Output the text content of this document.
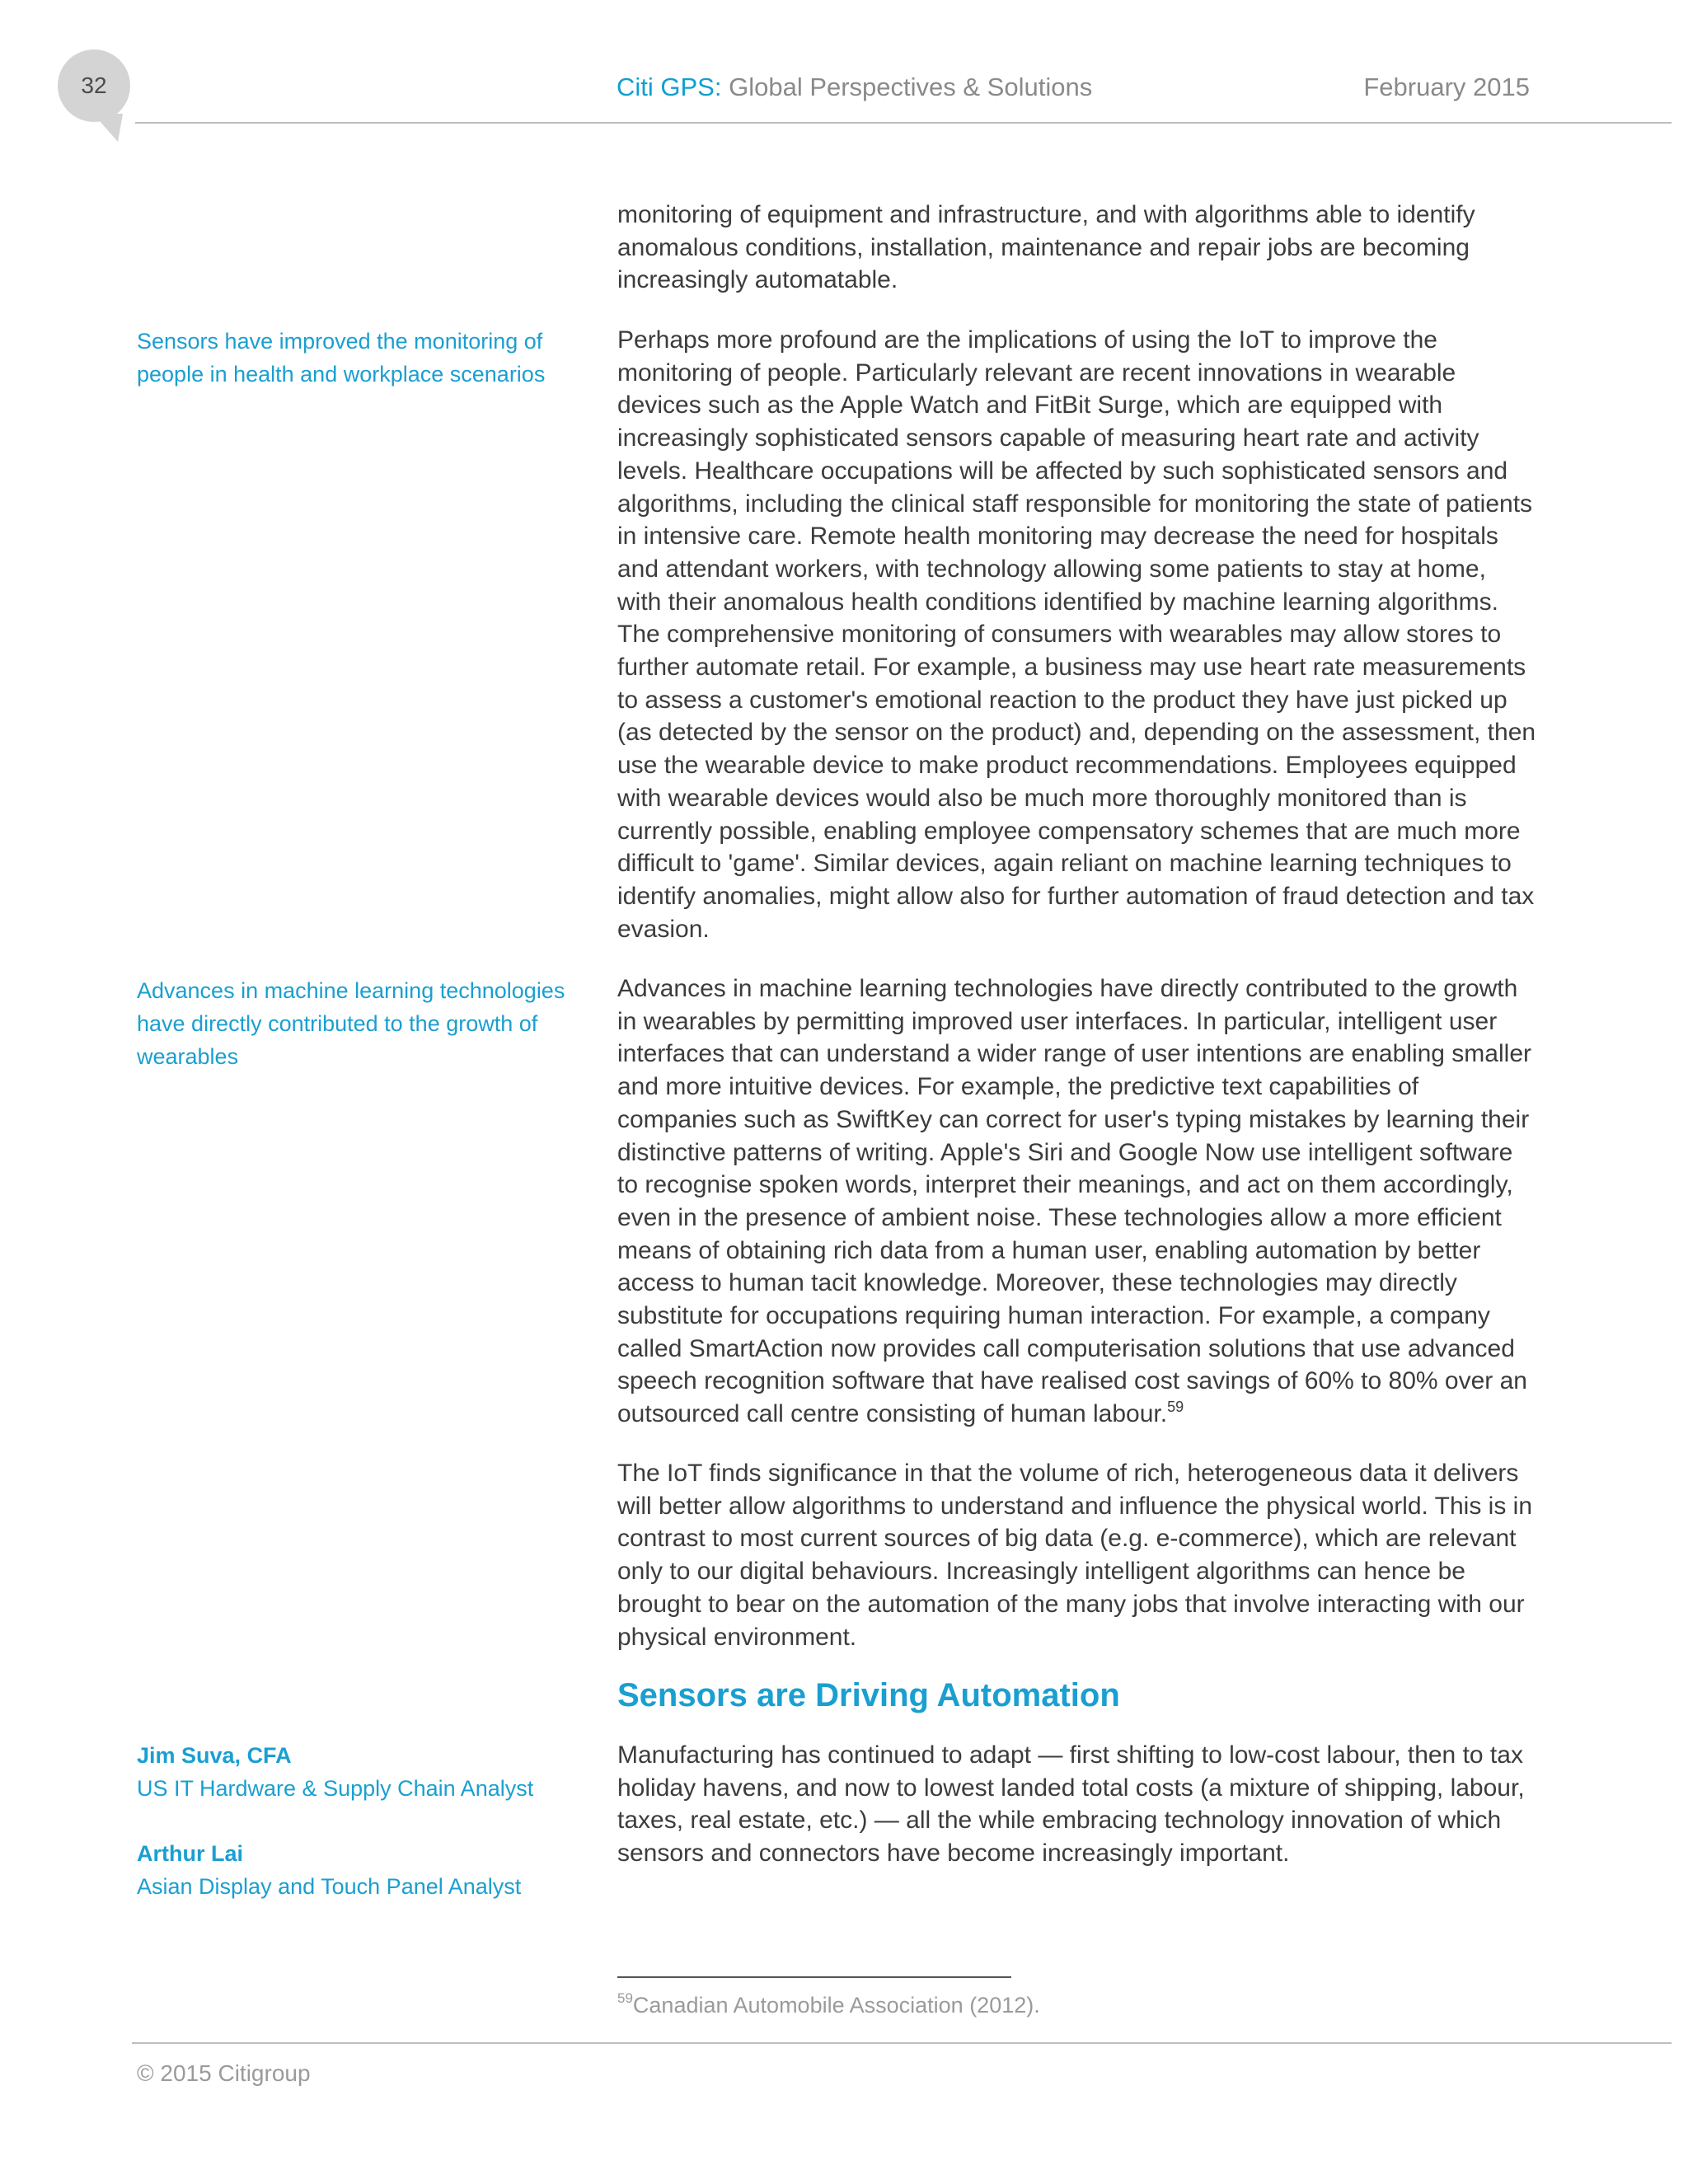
32	Citi GPS: Global Perspectives & Solutions	February 2015
Sensors have improved the monitoring of people in health and workplace scenarios
Advances in machine learning technologies have directly contributed to the growth of wearables

monitoring of equipment and infrastructure, and with algorithms able to identify anomalous conditions, installation, maintenance and repair jobs are becoming increasingly automatable.

Perhaps more profound are the implications of using the IoT to improve the monitoring of people. Particularly relevant are recent innovations in wearable devices such as the Apple Watch and FitBit Surge, which are equipped with increasingly sophisticated sensors capable of measuring heart rate and activity levels. Healthcare occupations will be affected by such sophisticated sensors and algorithms, including the clinical staff responsible for monitoring the state of patients in intensive care. Remote health monitoring may decrease the need for hospitals and attendant workers, with technology allowing some patients to stay at home, with their anomalous health conditions identified by machine learning algorithms. The comprehensive monitoring of consumers with wearables may allow stores to further automate retail. For example, a business may use heart rate measurements to assess a customer's emotional reaction to the product they have just picked up (as detected by the sensor on the product) and, depending on the assessment, then use the wearable device to make product recommendations. Employees equipped with wearable devices would also be much more thoroughly monitored than is currently possible, enabling employee compensatory schemes that are much more difficult to 'game'. Similar devices, again reliant on machine learning techniques to identify anomalies, might allow also for further automation of fraud detection and tax evasion.

Advances in machine learning technologies have directly contributed to the growth in wearables by permitting improved user interfaces. In particular, intelligent user interfaces that can understand a wider range of user intentions are enabling smaller and more intuitive devices. For example, the predictive text capabilities of companies such as SwiftKey can correct for user's typing mistakes by learning their distinctive patterns of writing. Apple's Siri and Google Now use intelligent software to recognise spoken words, interpret their meanings, and act on them accordingly, even in the presence of ambient noise. These technologies allow a more efficient means of obtaining rich data from a human user, enabling automation by better access to human tacit knowledge. Moreover, these technologies may directly substitute for occupations requiring human interaction. For example, a company called SmartAction now provides call computerisation solutions that use advanced speech recognition software that have realised cost savings of 60% to 80% over an outsourced call centre consisting of human labour.$^{59}$

The IoT finds significance in that the volume of rich, heterogeneous data it delivers will better allow algorithms to understand and influence the physical world. This is in contrast to most current sources of big data (e.g. e-commerce), which are relevant only to our digital behaviours. Increasingly intelligent algorithms can hence be brought to bear on the automation of the many jobs that involve interacting with our physical environment.

Sensors are Driving Automation

Manufacturing has continued to adapt — first shifting to low-cost labour, then to tax holiday havens, and now to lowest landed total costs (a mixture of shipping, labour, taxes, real estate, etc.) — all the while embracing technology innovation of which sensors and connectors have become increasingly important.

Jim Suva, CFA
US IT Hardware & Supply Chain Analyst
Arthur Lai
Asian Display and Touch Panel Analyst
$^{59}$Canadian Automobile Association (2012).
© 2015 Citigroup
